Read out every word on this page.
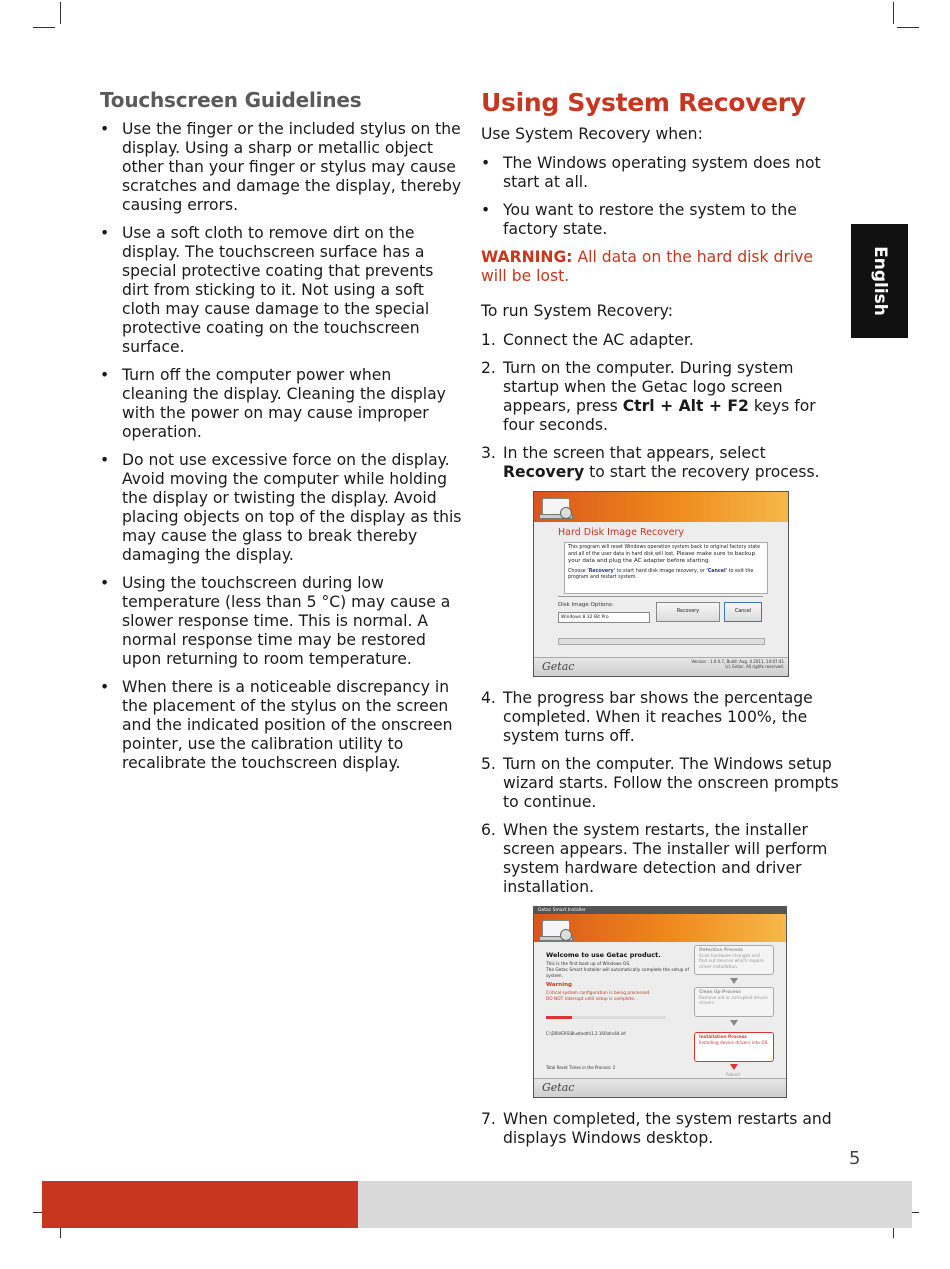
Touchscreen Guidelines
• Use the finger or the included stylus on the display. Using a sharp or metallic object other than your finger or stylus may cause scratches and damage the display, thereby causing errors.
• Use a soft cloth to remove dirt on the display. The touchscreen surface has a special protective coating that prevents dirt from sticking to it. Not using a soft cloth may cause damage to the special protective coating on the touchscreen surface.
• Turn off the computer power when cleaning the display. Cleaning the display with the power on may cause improper operation.
• Do not use excessive force on the display. Avoid moving the computer while holding the display or twisting the display. Avoid placing objects on top of the display as this may cause the glass to break thereby damaging the display.
• Using the touchscreen during low temperature (less than 5 °C) may cause a slower response time. This is normal. A normal response time may be restored upon returning to room temperature.
• When there is a noticeable discrepancy in the placement of the stylus on the screen and the indicated position of the onscreen pointer, use the calibration utility to recalibrate the touchscreen display.
Using System Recovery

Use System Recovery when:

• The Windows operating system does not start at all.
• You want to restore the system to the factory state.

WARNING: All data on the hard disk drive will be lost.

To run System Recovery:

1. Connect the AC adapter.
2. Turn on the computer. During system startup when the Getac logo screen appears, press Ctrl + Alt + F2 keys for four seconds.
3. In the screen that appears, select Recovery to start the recovery process.
Hard Disk Image Recovery
This program will reset Windows operation system back to original factory state and all of the user data in hard disk will lost. Please make sure to backup your data and plug the AC adapter before starting.
Choose 'Recovery' to start hard disk image recovery, or 'Cancel' to exit the program and restart system.
Disk Image Options:
Windows 8 32 Bit Pro
Recovery	Cancel
Getac	Version : 1.0.0.7, Build: Aug. 4 2011, 14:07:41
(c) Getac. All rights reserved.
4. The progress bar shows the percentage completed. When it reaches 100%, the system turns off.
5. Turn on the computer. The Windows setup wizard starts. Follow the onscreen prompts to continue.
6. When the system restarts, the installer screen appears. The installer will perform system hardware detection and driver installation.
Getac Smart Installer
Welcome to use Getac product.
This is the first boot up of Windows OS.
The Getac Smart Installer will automatically complete the setup of system.
Warning
Critical system configuration is being processed.
DO NOT interrupt until setup is complete...
C:\DRIVERS\Bluetooth\1.2.160\drv64.inf
Total Reset Times in the Process: 2
Detection Process
Scan hardware changes and find out devices which require driver installation.
Clean Up Process
Remove old or corrupted device drivers.
Installation Process
Installing device drivers into OS.
Reboot
Getac
7. When completed, the system restarts and displays Windows desktop.
English
5
